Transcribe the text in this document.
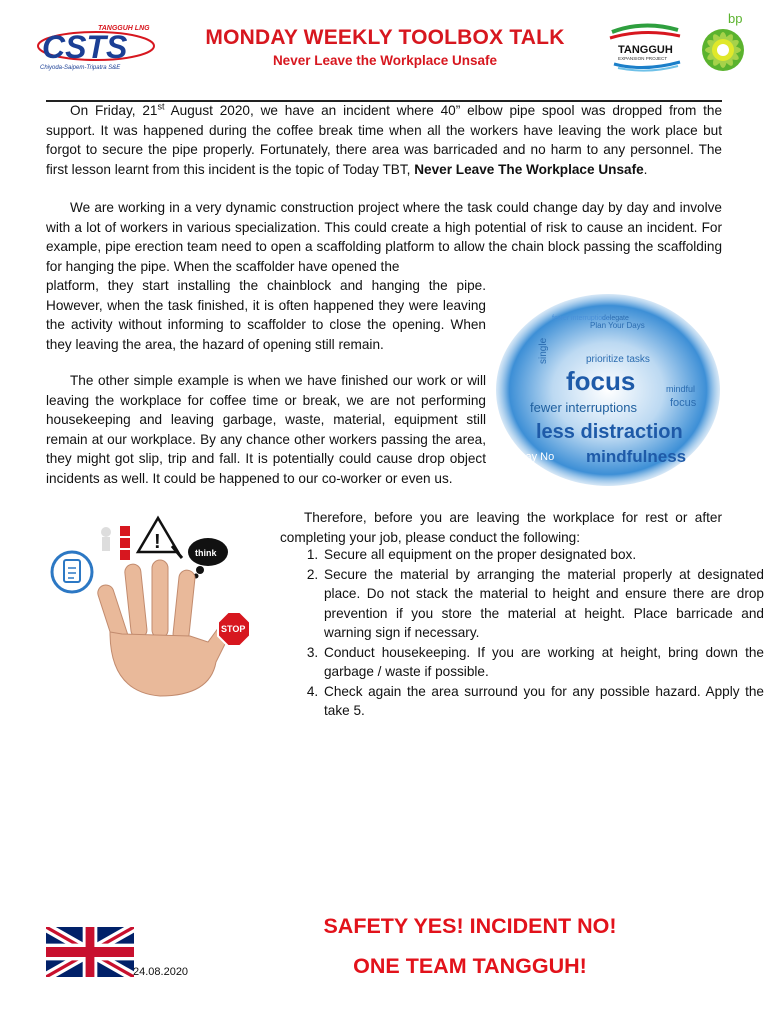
TANGGUH LNG
CSTS
Chiyoda-Saipem-Tripatra S&E
MONDAY WEEKLY TOOLBOX TALK
Never Leave the Workplace Unsafe
TANGGUH
EXPANSION PROJECT
bp

On Friday, 21st August 2020, we have an incident where 40” elbow pipe spool was dropped from the support. It was happened during the coffee break time when all the workers have leaving the work place but forgot to secure the pipe properly. Fortunately, there area was barricaded and no harm to any personnel. The first lesson learnt from this incident is the topic of Today TBT, Never Leave The Workplace Unsafe.

We are working in a very dynamic construction project where the task could change day by day and involve with a lot of workers in various specialization. This could create a high potential of risk to cause an incident. For example, pipe erection team need to open a scaffolding platform to allow the chain block passing the scaffolding for hanging the pipe. When the scaffolder have opened the

platform, they start installing the chainblock and hanging the pipe. However, when the task finished, it is often happened they were leaving the activity without informing to scaffolder to close the opening. When they leaving the area, the hazard of opening still remain.

The other simple example is when we have finished our work or will leaving the workplace for coffee time or break, we are not performing housekeeping and leaving garbage, waste, material, equipment still remain at our workplace. By any chance other workers passing the area, they might got slip, trip and fall. It is potentially could cause drop object incidents as well. It could be happened to our co-worker or even us.

Therefore, before you are leaving the workplace for rest or after completing your job, please conduct the following:

1. Secure all equipment on the proper designated box.
2. Secure the material by arranging the material properly at designated place. Do not stack the material to height and ensure there are drop prevention if you store the material at height. Place barricade and warning sign if necessary.
3. Conduct housekeeping. If you are working at height, bring down the garbage / waste if possible.
4. Check again the area surround you for any possible hazard. Apply the take 5.
Plan Your Days
delegate
fewer interruptions
prioritize tasks
single
focus
fewer interruptions
less distraction
say No mindfulness
focus
mindful
!	think
STOP
24.08.2020
SAFETY YES! INCIDENT NO!
ONE TEAM TANGGUH!
